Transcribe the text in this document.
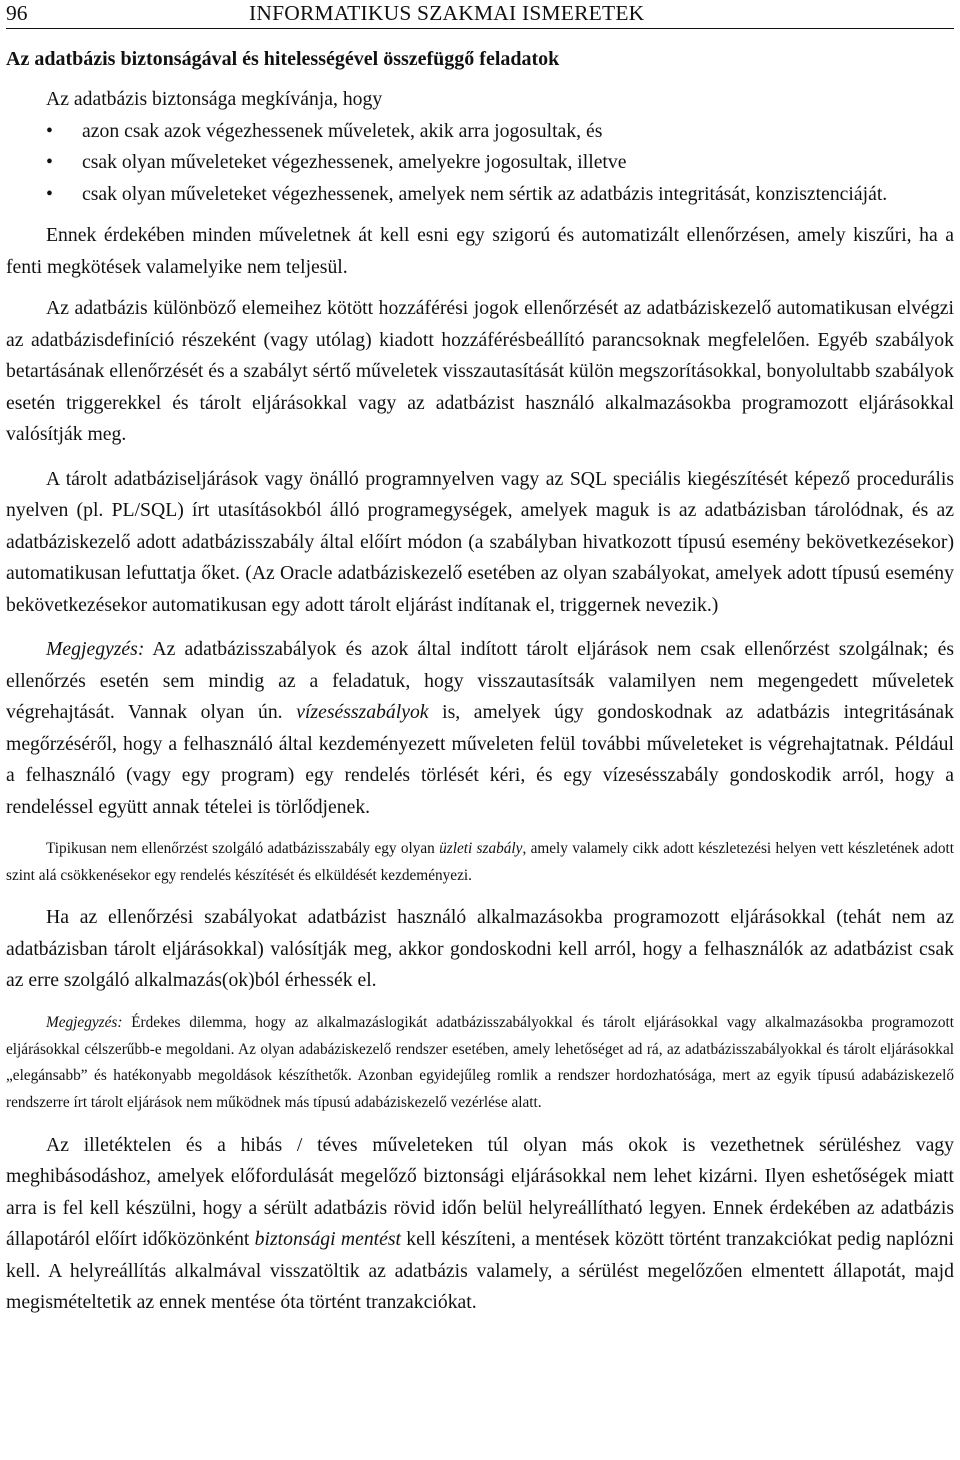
96	INFORMATIKUS SZAKMAI ISMERETEK
Az adatbázis biztonságával és hitelességével összefüggő feladatok

Az adatbázis biztonsága megkívánja, hogy

• azon csak azok végezhessenek műveletek, akik arra jogosultak, és
• csak olyan műveleteket végezhessenek, amelyekre jogosultak, illetve
• csak olyan műveleteket végezhessenek, amelyek nem sértik az adatbázis integritását, konzisztenciáját.

Ennek érdekében minden műveletnek át kell esni egy szigorú és automatizált ellenőrzésen, amely kiszűri, ha a fenti megkötések valamelyike nem teljesül.

Az adatbázis különböző elemeihez kötött hozzáférési jogok ellenőrzését az adatbáziskezelő automatikusan elvégzi az adatbázisdefiníció részeként (vagy utólag) kiadott hozzáférésbeállító parancsoknak megfelelően. Egyéb szabályok betartásának ellenőrzését és a szabályt sértő műveletek visszautasítását külön megszorításokkal, bonyolultabb szabályok esetén triggerekkel és tárolt eljárásokkal vagy az adatbázist használó alkalmazásokba programozott eljárásokkal valósítják meg.

A tárolt adatbáziseljárások vagy önálló programnyelven vagy az SQL speciális kiegészítését képező procedurális nyelven (pl. PL/SQL) írt utasításokból álló programegységek, amelyek maguk is az adatbázisban tárolódnak, és az adatbáziskezelő adott adatbázisszabály által előírt módon (a szabályban hivatkozott típusú esemény bekövetkezésekor) automatikusan lefuttatja őket. (Az Oracle adatbáziskezelő esetében az olyan szabályokat, amelyek adott típusú esemény bekövetkezésekor automatikusan egy adott tárolt eljárást indítanak el, triggernek nevezik.)

Megjegyzés: Az adatbázisszabályok és azok által indított tárolt eljárások nem csak ellenőrzést szolgálnak; és ellenőrzés esetén sem mindig az a feladatuk, hogy visszautasítsák valamilyen nem megengedett műveletek végrehajtását. Vannak olyan ún. vízesésszabályok is, amelyek úgy gondoskodnak az adatbázis integritásának megőrzéséről, hogy a felhasználó által kezdeményezett műveleten felül további műveleteket is végrehajtatnak. Például a felhasználó (vagy egy program) egy rendelés törlését kéri, és egy vízesésszabály gondoskodik arról, hogy a rendeléssel együtt annak tételei is törlődjenek.

Tipikusan nem ellenőrzést szolgáló adatbázisszabály egy olyan üzleti szabály, amely valamely cikk adott készletezési helyen vett készletének adott szint alá csökkenésekor egy rendelés készítését és elküldését kezdeményezi.

Ha az ellenőrzési szabályokat adatbázist használó alkalmazásokba programozott eljárásokkal (tehát nem az adatbázisban tárolt eljárásokkal) valósítják meg, akkor gondoskodni kell arról, hogy a felhasználók az adatbázist csak az erre szolgáló alkalmazás(ok)ból érhessék el.

Megjegyzés: Érdekes dilemma, hogy az alkalmazáslogikát adatbázisszabályokkal és tárolt eljárásokkal vagy alkalmazásokba programozott eljárásokkal célszerűbb-e megoldani. Az olyan adabáziskezelő rendszer esetében, amely lehetőséget ad rá, az adatbázisszabályokkal és tárolt eljárásokkal „elegánsabb” és hatékonyabb megoldások készíthetők. Azonban egyidejűleg romlik a rendszer hordozhatósága, mert az egyik típusú adabáziskezelő rendszerre írt tárolt eljárások nem működnek más típusú adabáziskezelő vezérlése alatt.

Az illetéktelen és a hibás / téves műveleteken túl olyan más okok is vezethetnek sérüléshez vagy meghibásodáshoz, amelyek előfordulását megelőző biztonsági eljárásokkal nem lehet kizárni. Ilyen eshetőségek miatt arra is fel kell készülni, hogy a sérült adatbázis rövid időn belül helyreállítható legyen. Ennek érdekében az adatbázis állapotáról előírt időközönként biztonsági mentést kell készíteni, a mentések között történt tranzakciókat pedig naplózni kell. A helyreállítás alkalmával visszatöltik az adatbázis valamely, a sérülést megelőzően elmentett állapotát, majd megismételtetik az ennek mentése óta történt tranzakciókat.
